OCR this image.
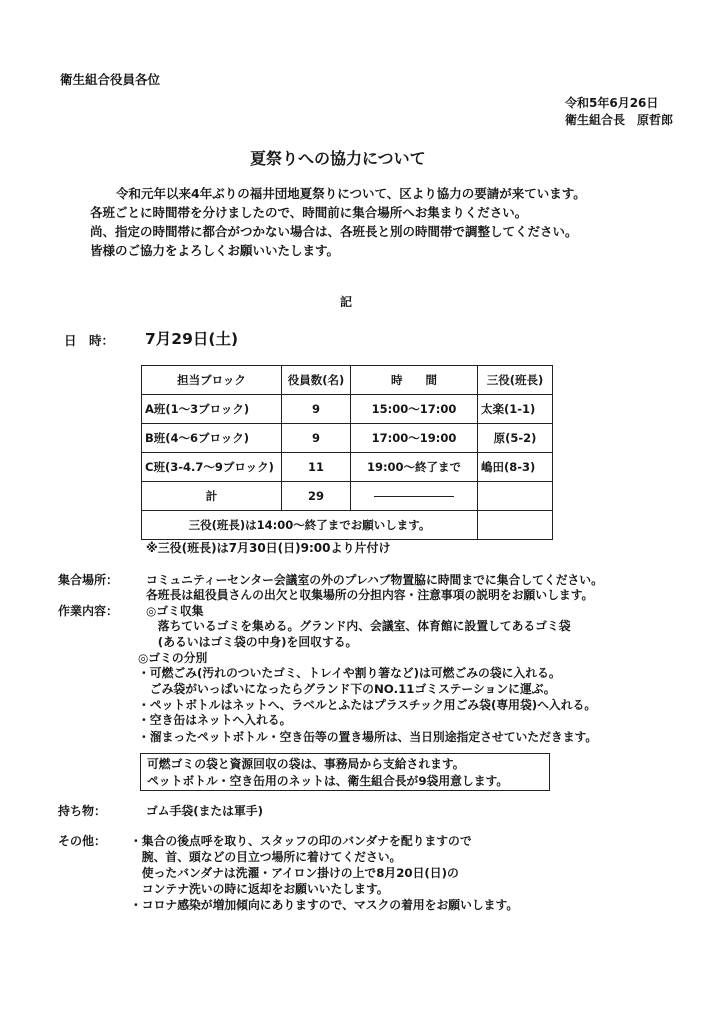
衛生組合役員各位
令和5年6月26日
衛生組合長　原哲郎
夏祭りへの協力について
令和元年以来4年ぶりの福井団地夏祭りについて、区より協力の要請が来ています。
各班ごとに時間帯を分けましたので、時間前に集合場所へお集まりください。
尚、指定の時間帯に都合がつかない場合は、各班長と別の時間帯で調整してください。
皆様のご協力をよろしくお願いいたします。
記
日　時： 7月29日(土)
担当ブロック	役員数(名)	時　　間	三役(班長)
A班(1～3ブロック)	9	15:00～17:00	太楽(1-1)
B班(4～6ブロック)	9	17:00～19:00	原(5-2)
C班(3-4.7～9ブロック)	11	19:00～終了まで	嶋田(8-3)
計	29		
三役(班長)は14:00～終了までお願いします。			
※三役(班長)は7月30日(日)9:00より片付け
集合場所： コミュニティーセンター会議室の外のプレハブ物置脇に時間までに集合してください。
各班長は組役員さんの出欠と収集場所の分担内容・注意事項の説明をお願いします。
作業内容： ◎ゴミ収集
　落ちているゴミを集める。グランド内、会議室、体育館に設置してあるゴミ袋
　(あるいはゴミ袋の中身)を回収する。
◎ゴミの分別
・可燃ごみ(汚れのついたゴミ、トレイや割り箸など)は可燃ごみの袋に入れる。
　ごみ袋がいっぱいになったらグランド下のNO.11ゴミステーションに運ぶ。
・ペットボトルはネットへ、ラベルとふたはプラスチック用ごみ袋(専用袋)へ入れる。
・空き缶はネットへ入れる。
・溜まったペットボトル・空き缶等の置き場所は、当日別途指定させていただきます。
可燃ゴミの袋と資源回収の袋は、事務局から支給されます。
ペットボトル・空き缶用のネットは、衛生組合長が9袋用意します。
持ち物：	ゴム手袋(または軍手)
その他： ・集合の後点呼を取り、スタッフの印のバンダナを配りますので
　腕、首、頭などの目立つ場所に着けてください。
　使ったバンダナは洗濯・アイロン掛けの上で8月20日(日)の
　コンテナ洗いの時に返却をお願いいたします。
・コロナ感染が増加傾向にありますので、マスクの着用をお願いします。
